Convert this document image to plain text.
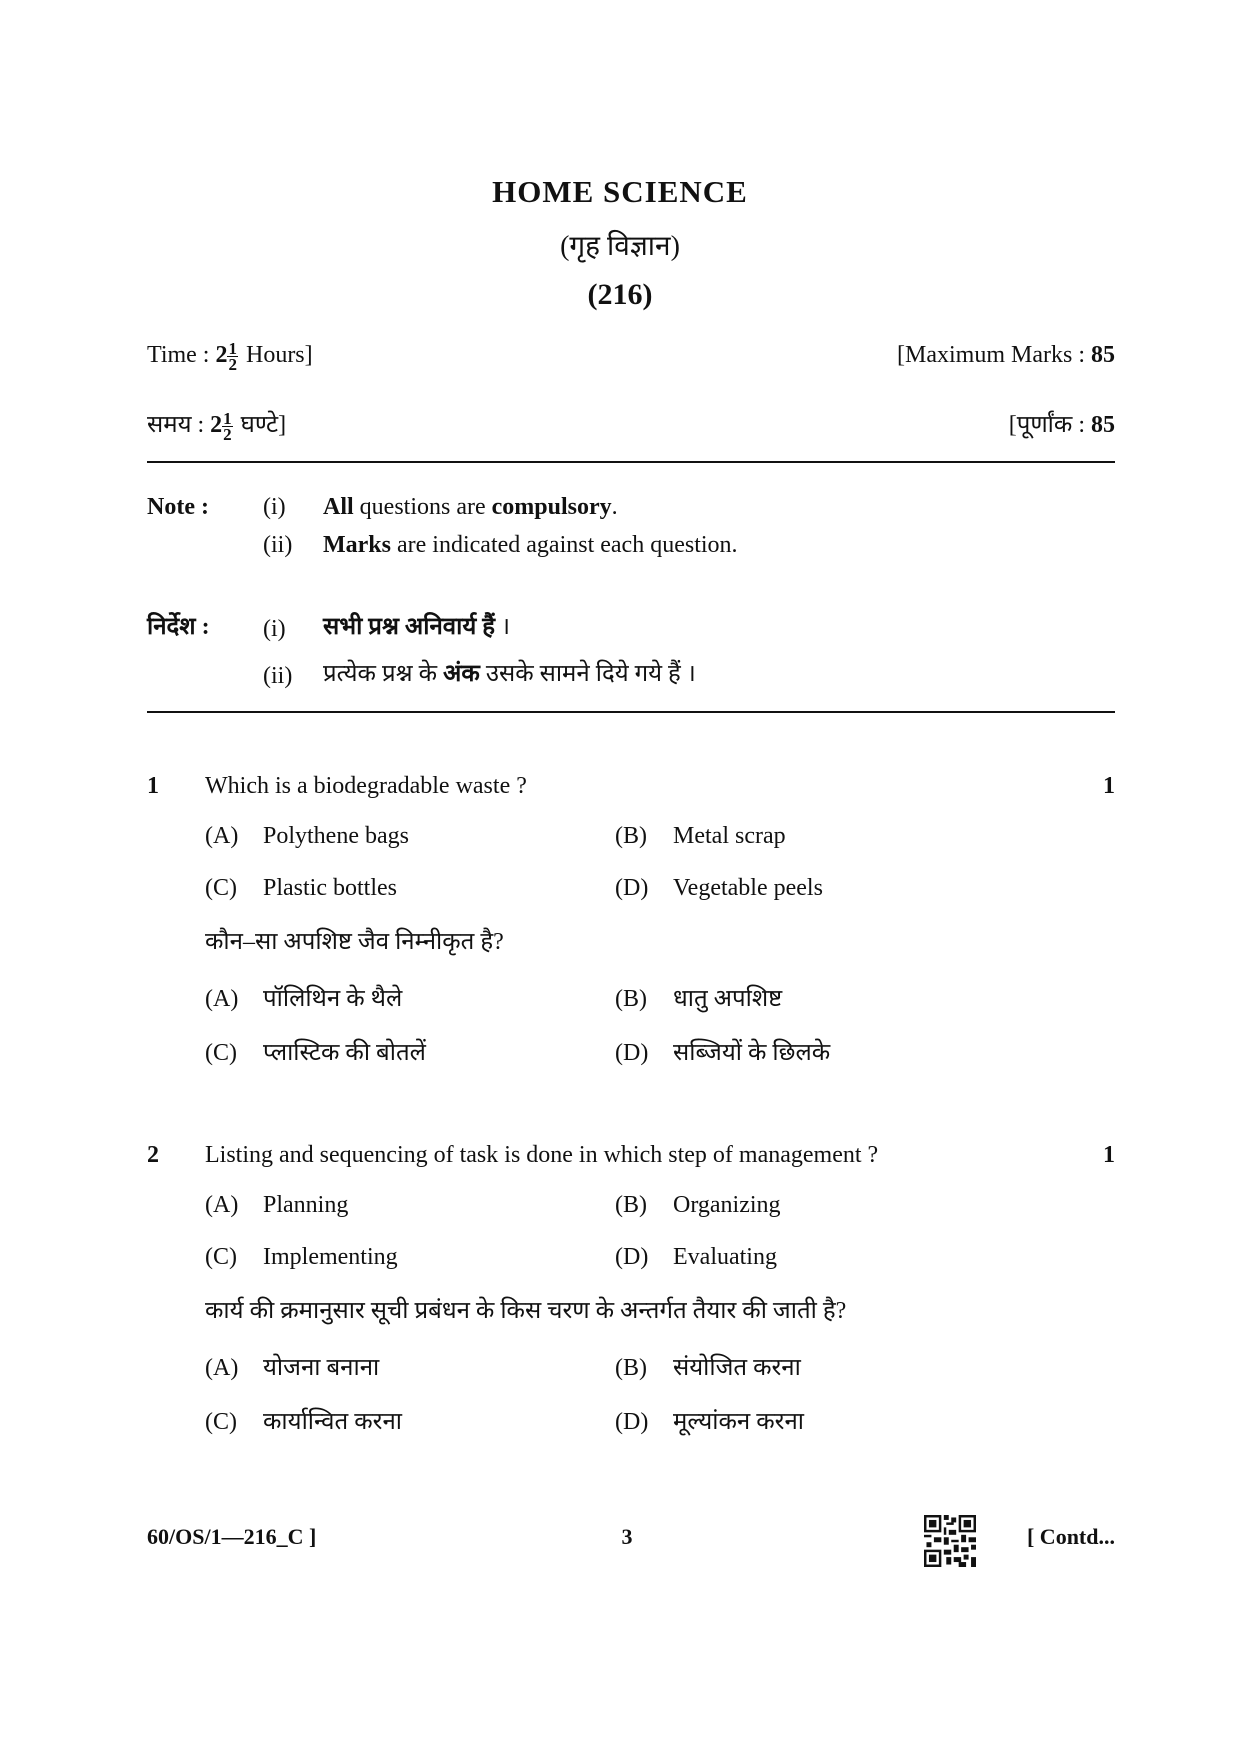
HOME SCIENCE
(गृह विज्ञान)
(216)
Time : $2 \frac{1}{2}$ Hours]	[Maximum Marks : 85
समय : $2 \frac{1}{2}$ घण्टे]	[पूर्णांक : 85
Note : (i) All questions are compulsory.
(ii) Marks are indicated against each question.
निर्देश : (i) सभी प्रश्न अनिवार्य हैं ।
(ii) प्रत्येक प्रश्न के अंक उसके सामने दिये गये हैं ।
1 Which is a biodegradable waste ?	1
(A) Polythene bags	(B) Metal scrap
(C) Plastic bottles	(D) Vegetable peels
कौन–सा अपशिष्ट जैव निम्नीकृत है?
(A) पॉलिथिन के थैले	(B) धातु अपशिष्ट
(C) प्लास्टिक की बोतलें	(D) सब्जियों के छिलके
2 Listing and sequencing of task is done in which step of management ?	1
(A) Planning	(B) Organizing
(C) Implementing	(D) Evaluating
कार्य की क्रमानुसार सूची प्रबंधन के किस चरण के अन्तर्गत तैयार की जाती है?
(A) योजना बनाना	(B) संयोजित करना
(C) कार्यान्वित करना	(D) मूल्यांकन करना
60/OS/1—216_C ]	3	[ Contd...
